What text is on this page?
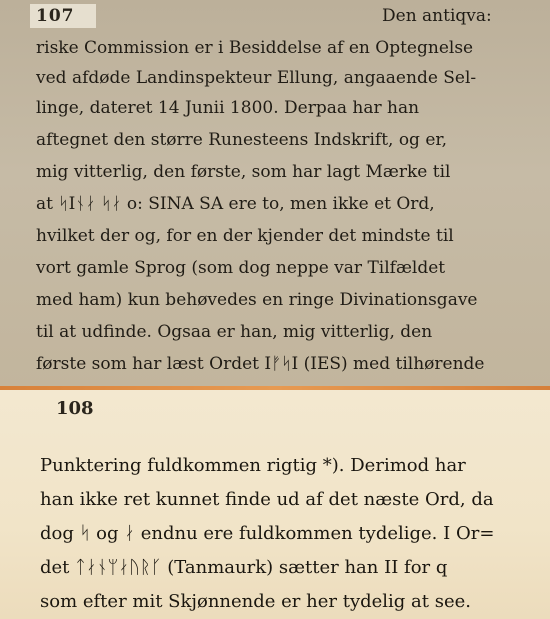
107	Den antiqva:
riske Commission er i Besiddelse af en Optegnelse
ved afdøde Landinspekteur Ellung, angaaende Sel-
linge, dateret 14 Junii 1800. Derpaa har han
aftegnet den større Runesteens Indskrift, og er,
mig vitterlig, den første, som har lagt Mærke til
at ᛋIᚾᛅ ᛋᛅ o: SINA SA ere to, men ikke et Ord,
hvilket der og, for en der kjender det mindste til
vort gamle Sprog (som dog neppe var Tilfældet
med ham) kun behøvedes en ringe Divinationsgave
til at udfinde. Ogsaa er han, mig vitterlig, den
første som har læst Ordet IᚠᛋI (IES) med tilhørende
108
Punktering fuldkommen rigtig *). Derimod har
han ikke ret kunnet finde ud af det næste Ord, da
dog ᛋ og ᛅ endnu ere fuldkommen tydelige. I Or=
det ᛏᛅᚾᛘᛅᚢᚱᚴ (Tanmaurk) sætter han II for q
som efter mit Skjønnende er her tydelig at see.
